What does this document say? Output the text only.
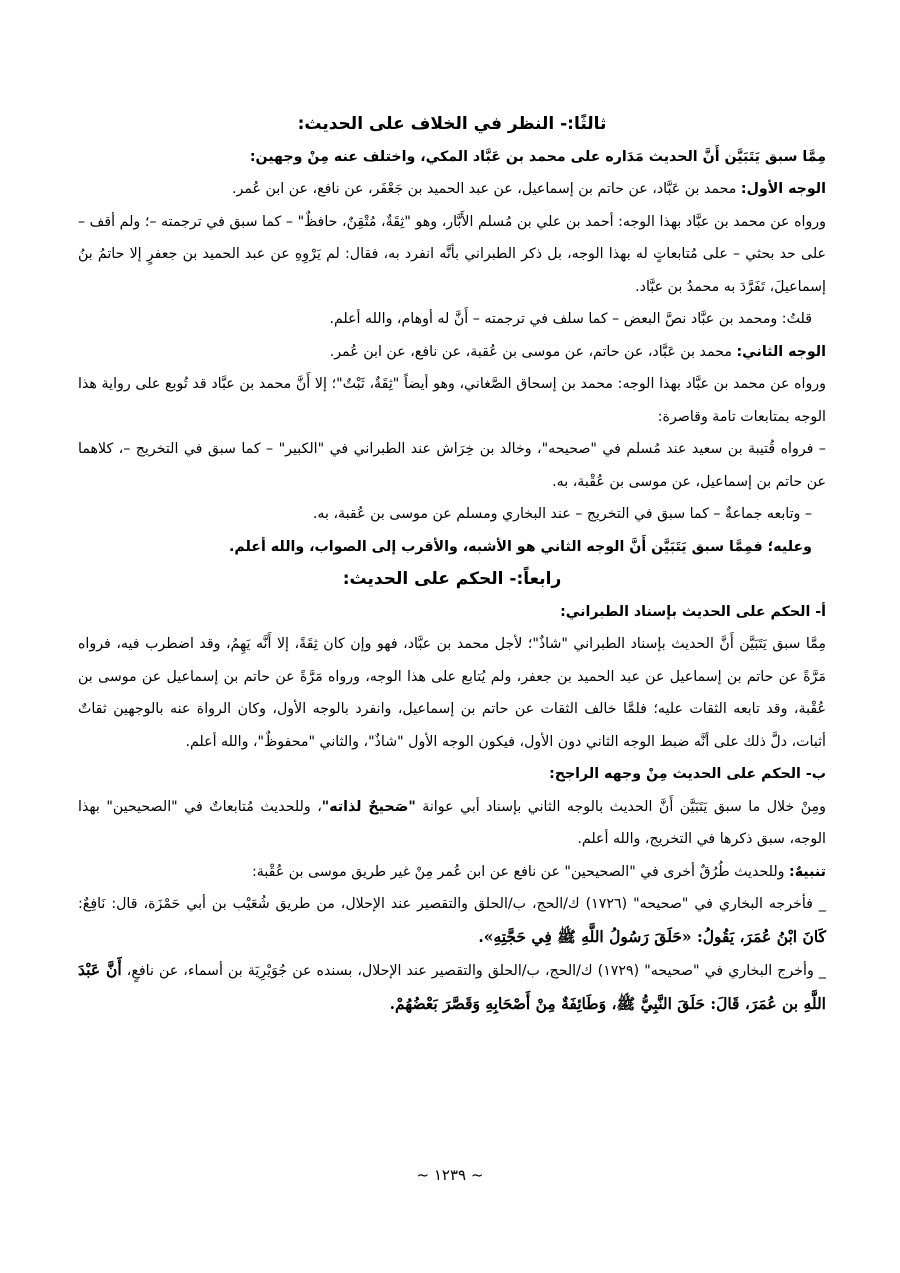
ثالثًا:- النظر في الخلاف على الحديث:

مِمَّا سبق يَتَبَيَّن أَنَّ الحديث مَدَاره على محمد بن عَبَّاد المكي، واختلف عنه مِنْ وجهين:

الوجه الأول: محمد بن عَبَّاد، عن حاتم بن إسماعيل، عن عبد الحميد بن جَعْفَر، عن نافع، عن ابن عُمر.

ورواه عن محمد بن عبَّاد بهذا الوجه: أحمد بن علي بن مُسلم الأَبَّار، وهو "ثِقَةٌ، مُتْقِنٌ، حافظٌ" – كما سبق في ترجمته –؛ ولم أقف – على حد بحثي – على مُتابعاتٍ له بهذا الوجه، بل ذكر الطبراني بأنَّه انفرد به، فقال: لم يَرْوِهِ عن عبد الحميد بن جعفرٍ إلا حاتمُ بنُ إسماعيلَ، تَفَرَّدَ به محمدُ بن عبَّاد.

قلتُ: ومحمد بن عبَّاد نصَّ البعض – كما سلف في ترجمته – أَنَّ له أوهام، والله أعلم.

الوجه الثاني: محمد بن عَبَّاد، عن حاتم، عن موسى بن عُقبة، عن نافع، عن ابن عُمر.

ورواه عن محمد بن عبَّاد بهذا الوجه: محمد بن إسحاق الصَّغاني، وهو أيضاً "ثِقَةٌ، ثَبْتٌ"؛ إلا أَنَّ محمد بن عبَّاد قد تُوبع على رواية هذا الوجه بمتابعات تامة وقاصرة:

– فرواه قُتيبة بن سعيد عند مُسلم في "صحيحه"، وخالد بن خِرَاش عند الطبراني في "الكبير" – كما سبق في التخريج –، كلاهما عن حاتم بن إسماعيل، عن موسى بن عُقْبة، به.

– وتابعه جماعةٌ – كما سبق في التخريج – عند البخاري ومسلم عن موسى بن عُقبة، به.

وعليه؛ فمِمَّا سبق يَتَبَيَّن أَنَّ الوجه الثاني هو الأشبه، والأقرب إلى الصواب، والله أعلم.

رابعاً:- الحكم على الحديث:

أ- الحكم على الحديث بإسناد الطبراني:

مِمَّا سبق يَتَبَيَّن أَنَّ الحديث بإسناد الطبراني "شاذٌ"؛ لأجل محمد بن عبَّاد، فهو وإن كان ثِقَةً، إلا أَنَّه يَهِمُ، وقد اضطرب فيه، فرواه مَرَّةً عن حاتم بن إسماعيل عن عبد الحميد بن جعفر، ولم يُتابع على هذا الوجه، ورواه مَرَّةً عن حاتم بن إسماعيل عن موسى بن عُقْبة، وقد تابعه الثقات عليه؛ فلمَّا خالف الثقات عن حاتم بن إسماعيل، وانفرد بالوجه الأول، وكان الرواة عنه بالوجهين ثقاتٌ أثبات، دلَّ ذلك على أنَّه ضبط الوجه الثاني دون الأول، فيكون الوجه الأول "شاذٌ"، والثاني "محفوظٌ"، والله أعلم.

ب- الحكم على الحديث مِنْ وجهه الراجح:

ومِنْ خلال ما سبق يَتَبَيَّن أَنَّ الحديث بالوجه الثاني بإسناد أبي عوانة "صَحيحٌ لذاته"، وللحديث مُتابعاتٌ في "الصحيحين" بهذا الوجه، سبق ذكرها في التخريج، والله أعلم.

تنبيهٌ: وللحديث طُرُقٌ أخرى في "الصحيحين" عن نافع عن ابن عُمر مِنْ غير طريق موسى بن عُقْبة:

_ فأخرجه البخاري في "صحيحه" (١٧٢٦) ك/الحج، ب/الحلق والتقصير عند الإحلال، من طريق شُعَيْب بن أبي حَمْزَة، قال: نَافِعٌ: كَانَ ابْنُ عُمَرَ، يَقُولُ: «حَلَقَ رَسُولُ اللَّهِ ﷺ فِي حَجَّتِهِ».

_ وأخرج البخاري في "صحيحه" (١٧٢٩) ك/الحج، ب/الحلق والتقصير عند الإحلال، بسنده عن جُوَيْرِيَة بن أسماء، عن نافعٍ، أَنَّ عَبْدَ اللَّهِ بن عُمَرَ، قَالَ: حَلَقَ النَّبِيُّ ﷺ، وَطَائِفَةٌ مِنْ أَصْحَابِهِ وَقَصَّرَ بَعْضُهُمْ.

~ ١٢٣٩ ~
